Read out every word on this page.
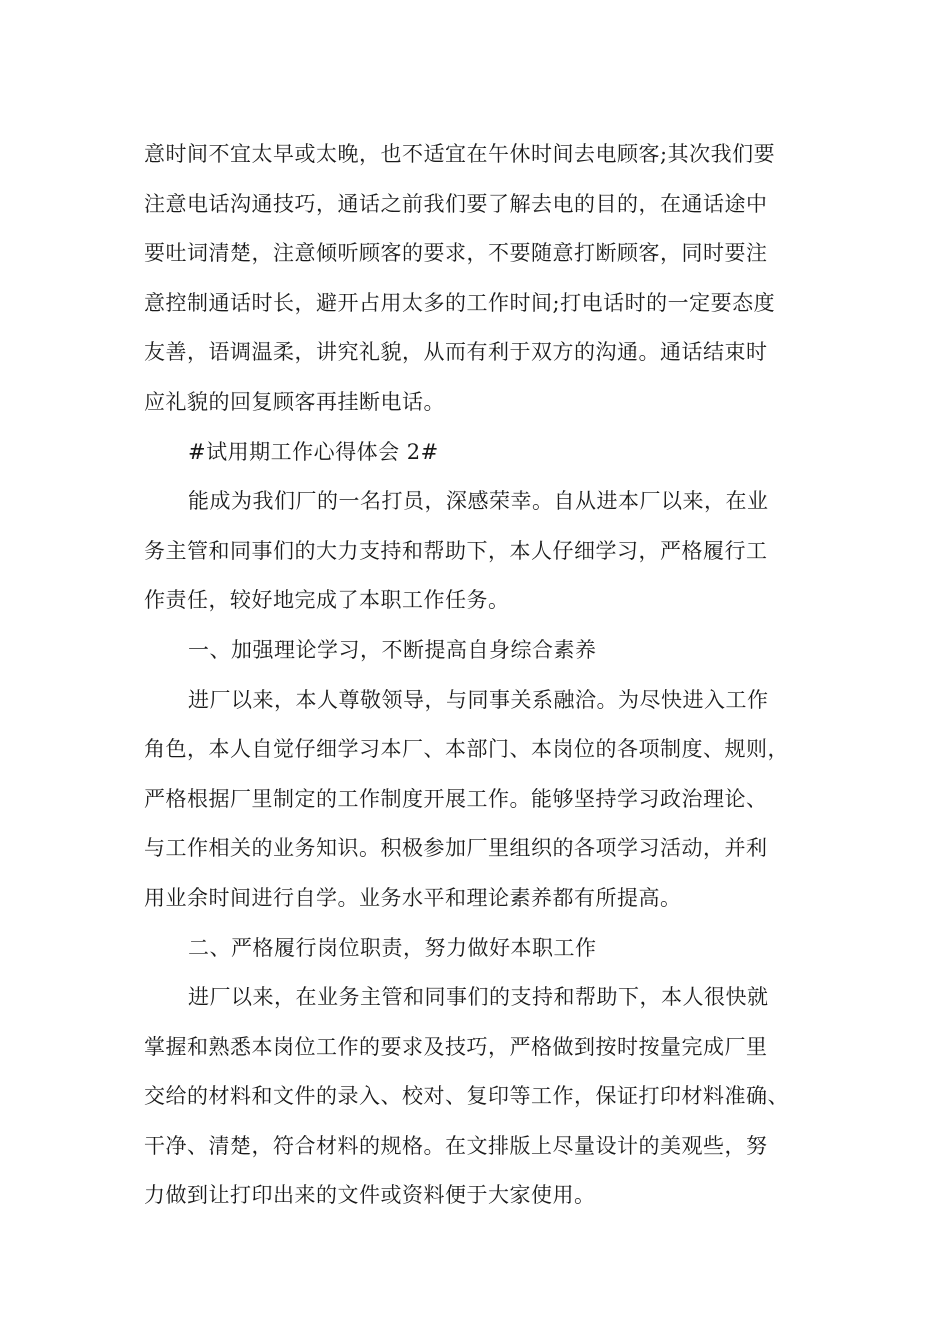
意时间不宜太早或太晚，也不适宜在午休时间去电顾客;其次我们要
注意电话沟通技巧，通话之前我们要了解去电的目的，在通话途中
要吐词清楚，注意倾听顾客的要求，不要随意打断顾客，同时要注
意控制通话时长，避开占用太多的工作时间;打电话时的一定要态度
友善，语调温柔，讲究礼貌，从而有利于双方的沟通。通话结束时
应礼貌的回复顾客再挂断电话。
#试用期工作心得体会 2#
能成为我们厂的一名打员，深感荣幸。自从进本厂以来，在业
务主管和同事们的大力支持和帮助下，本人仔细学习，严格履行工
作责任，较好地完成了本职工作任务。
一、加强理论学习，不断提高自身综合素养
进厂以来，本人尊敬领导，与同事关系融洽。为尽快进入工作
角色，本人自觉仔细学习本厂、本部门、本岗位的各项制度、规则，
严格根据厂里制定的工作制度开展工作。能够坚持学习政治理论、
与工作相关的业务知识。积极参加厂里组织的各项学习活动，并利
用业余时间进行自学。业务水平和理论素养都有所提高。
二、严格履行岗位职责，努力做好本职工作
进厂以来，在业务主管和同事们的支持和帮助下，本人很快就
掌握和熟悉本岗位工作的要求及技巧，严格做到按时按量完成厂里
交给的材料和文件的录入、校对、复印等工作，保证打印材料准确、
干净、清楚，符合材料的规格。在文排版上尽量设计的美观些，努
力做到让打印出来的文件或资料便于大家使用。
